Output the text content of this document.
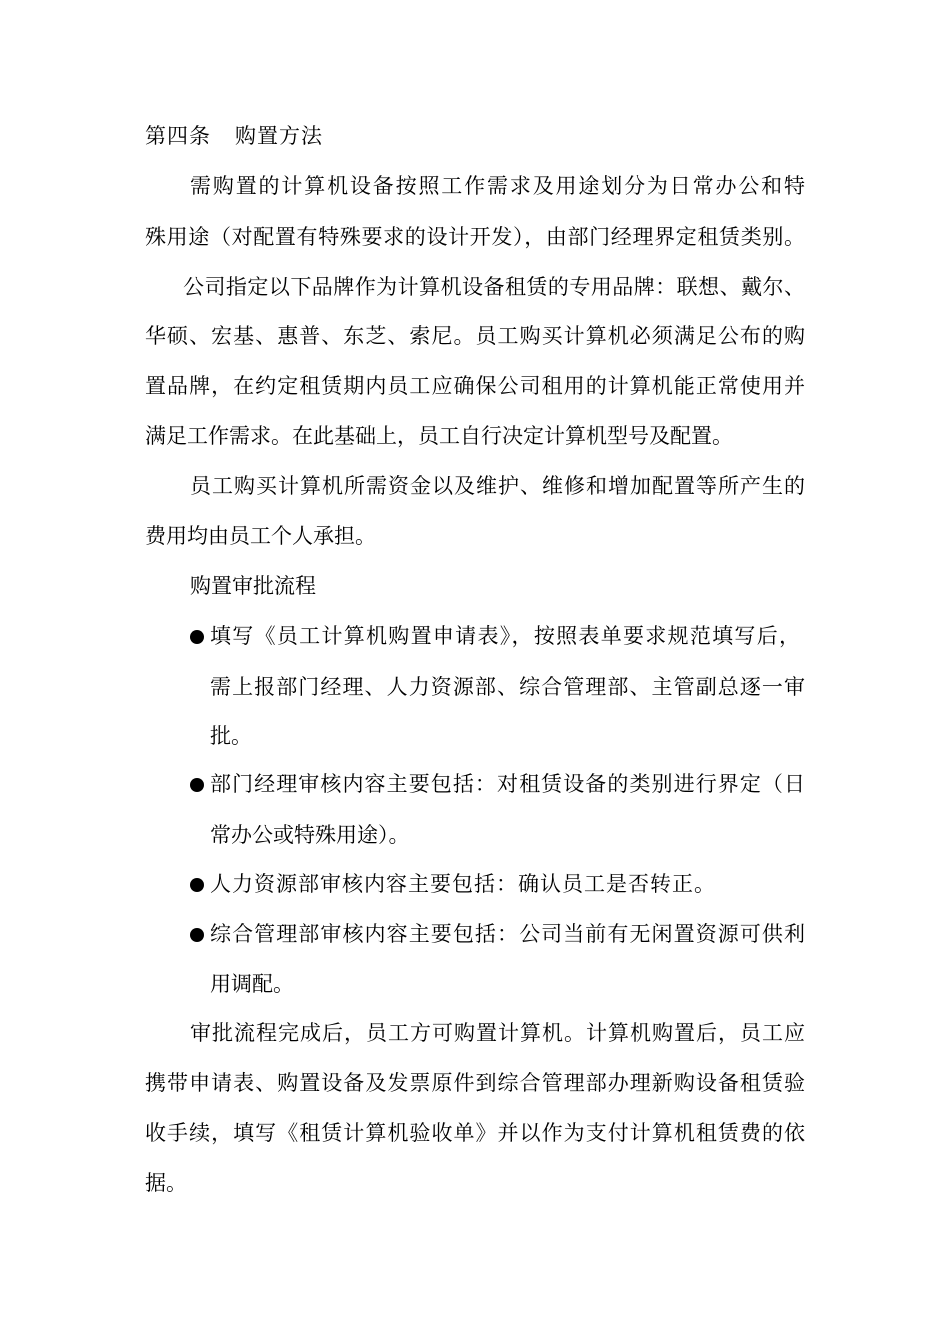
第四条 购置方法
需购置的计算机设备按照工作需求及用途划分为日常办公和特
殊用途（对配置有特殊要求的设计开发），由部门经理界定租赁类别。
公司指定以下品牌作为计算机设备租赁的专用品牌：联想、戴尔、
华硕、宏基、惠普、东芝、索尼。员工购买计算机必须满足公布的购
置品牌，在约定租赁期内员工应确保公司租用的计算机能正常使用并
满足工作需求。在此基础上，员工自行决定计算机型号及配置。
员工购买计算机所需资金以及维护、维修和增加配置等所产生的
费用均由员工个人承担。
购置审批流程
填写《员工计算机购置申请表》，按照表单要求规范填写后，
需上报部门经理、人力资源部、综合管理部、主管副总逐一审
批。
部门经理审核内容主要包括：对租赁设备的类别进行界定（日
常办公或特殊用途）。
人力资源部审核内容主要包括：确认员工是否转正。
综合管理部审核内容主要包括：公司当前有无闲置资源可供利
用调配。
审批流程完成后，员工方可购置计算机。计算机购置后，员工应
携带申请表、购置设备及发票原件到综合管理部办理新购设备租赁验
收手续，填写《租赁计算机验收单》并以作为支付计算机租赁费的依
据。
